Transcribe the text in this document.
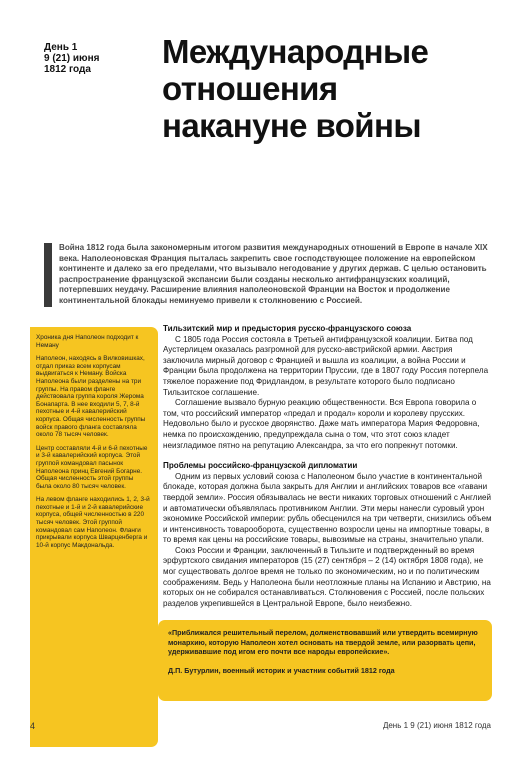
День 1
9 (21) июня
1812 года	Международные
отношения
накануне войны
Война 1812 года была закономерным итогом развития международных отношений в Европе в начале XIX века. Наполеоновская Франция пыталась закрепить свое господствующее положение на европейском континенте и далеко за его пределами, что вызывало негодование у других держав. С целью остановить распространение французской экспансии были созданы несколько антифранцузских коалиций, потерпевших неудачу. Расширение влияния наполеоновской Франции на Восток и продолжение континентальной блокады неминуемо привели к столкновению с Россией.

Хроника дня Наполеон подходит к Неману

Наполеон, находясь в Вилковишках, отдал приказ всем корпусам выдвигаться к Неману. Войска Наполеона были разделены на три группы. На правом фланге действовала группа короля Жерома Бонапарта. В нее входили 5, 7, 8-й пехотные и 4-й кавалерийский корпуса. Общая численность группы войск правого фланга составляла около 78 тысяч человек.

Центр составляли 4-й и 6-й пехотные и 3-й кавалерийский корпуса. Этой группой командовал пасынок Наполеона принц Евгений Богарне. Общая численность этой группы была около 80 тысяч человек.

На левом фланге находились 1, 2, 3-й пехотные и 1-й и 2-й кавалерийские корпуса, общей численностью в 220 тысяч человек. Этой группой командовал сам Наполеон. Фланги прикрывали корпуса Шварценберга и 10-й корпус Макдональда.

Тильзитский мир и предыстория русско-французского союза

С 1805 года Россия состояла в Третьей антифранцузской коалиции. Битва под Аустерлицем оказалась разгромной для русско-австрийской армии. Австрия заключила мирный договор с Францией и вышла из коалиции, а война России и Франции была продолжена на территории Пруссии, где в 1807 году Россия потерпела тяжелое поражение под Фридландом, в результате которого было подписано Тильзитское соглашение.

Соглашение вызвало бурную реакцию общественности. Вся Европа говорила о том, что российский император «предал и продал» короли и королеву прусских. Недовольно было и русское дворянство. Даже мать императора Мария Федоровна, немка по происхождению, предупреждала сына о том, что этот союз кладет неизгладимое пятно на репутацию Александра, за что его попрекнут потомки.

Проблемы российско-французской дипломатии

Одним из первых условий союза с Наполеоном было участие в континентальной блокаде, которая должна была закрыть для Англии и английских товаров все «гавани твердой земли». Россия обязывалась не вести никаких торговых отношений с Англией и автоматически объявлялась противником Англии. Эти меры нанесли суровый урон экономике Российской империи: рубль обесценился на три четверти, снизились объем и интенсивность товарооборота, существенно возросли цены на импортные товары, в то время как цены на российские товары, вывозимые на страны, значительно упали.

Союз России и Франции, заключенный в Тильзите и подтвержденный во время эрфуртского свидания императоров (15 (27) сентября – 2 (14) октября 1808 года), не мог существовать долгое время не только по экономическим, но и по политическим соображениям. Ведь у Наполеона были неотложные планы на Испанию и Австрию, на которых он не собирался останавливаться. Столкновения с Россией, после польских разделов укрепившейся в Центральной Европе, было неизбежно.

«Приближался решительный перелом, долженствовавший или утвердить всемирную монархию, которую Наполеон хотел основать на твердой земле, или разорвать цепи, удерживавшие под игом его почти все народы европейские».
Д.П. Бутурлин, военный историк и участник событий 1812 года
4	День 1 9 (21) июня 1812 года
